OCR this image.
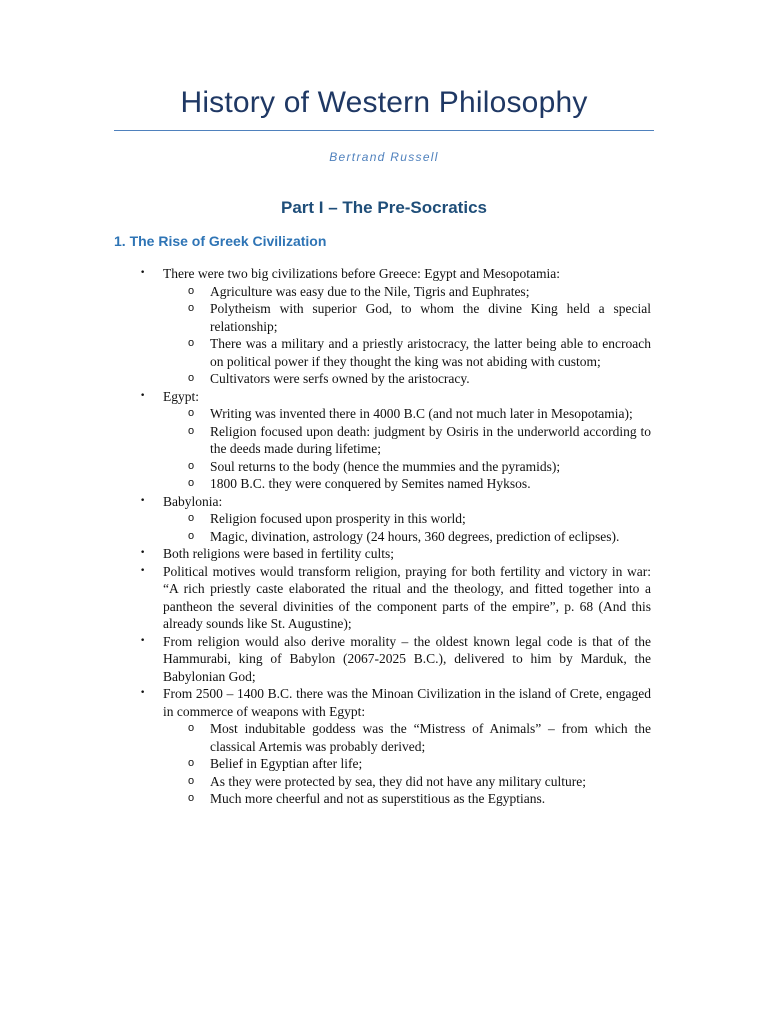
History of Western Philosophy
Bertrand Russell
Part I – The Pre-Socratics
1. The Rise of Greek Civilization
•	There were two big civilizations before Greece: Egypt and Mesopotamia:
o	Agriculture was easy due to the Nile, Tigris and Euphrates;
o	Polytheism with superior God, to whom the divine King held a special relationship;
o	There was a military and a priestly aristocracy, the latter being able to encroach on political power if they thought the king was not abiding with custom;
o	Cultivators were serfs owned by the aristocracy.
•	Egypt:
o	Writing was invented there in 4000 B.C (and not much later in Mesopotamia);
o	Religion focused upon death: judgment by Osiris in the underworld according to the deeds made during lifetime;
o	Soul returns to the body (hence the mummies and the pyramids);
o	1800 B.C. they were conquered by Semites named Hyksos.
•	Babylonia:
o	Religion focused upon prosperity in this world;
o	Magic, divination, astrology (24 hours, 360 degrees, prediction of eclipses).
•	Both religions were based in fertility cults;
•	Political motives would transform religion, praying for both fertility and victory in war: “A rich priestly caste elaborated the ritual and the theology, and fitted together into a pantheon the several divinities of the component parts of the empire”, p. 68 (And this already sounds like St. Augustine);
•	From religion would also derive morality – the oldest known legal code is that of the Hammurabi, king of Babylon (2067-2025 B.C.), delivered to him by Marduk, the Babylonian God;
•	From 2500 – 1400 B.C. there was the Minoan Civilization in the island of Crete, engaged in commerce of weapons with Egypt:
o	Most indubitable goddess was the “Mistress of Animals” – from which the classical Artemis was probably derived;
o	Belief in Egyptian after life;
o	As they were protected by sea, they did not have any military culture;
o	Much more cheerful and not as superstitious as the Egyptians.
